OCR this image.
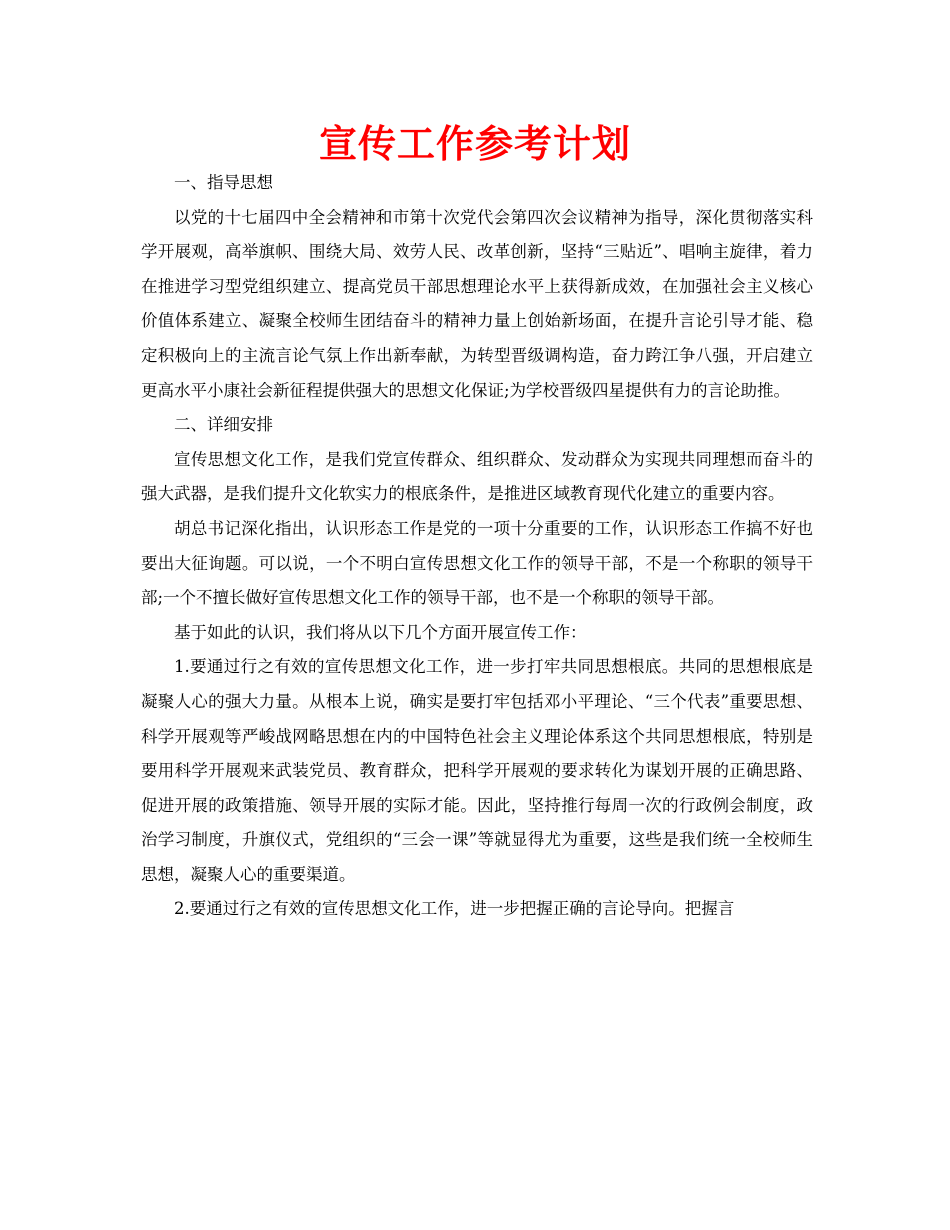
宣传工作参考计划

一、指导思想

以党的十七届四中全会精神和市第十次党代会第四次会议精神为指导，深化贯彻落实科学开展观，高举旗帜、围绕大局、效劳人民、改革创新，坚持“三贴近”、唱响主旋律，着力在推进学习型党组织建立、提高党员干部思想理论水平上获得新成效，在加强社会主义核心价值体系建立、凝聚全校师生团结奋斗的精神力量上创始新场面，在提升言论引导才能、稳定积极向上的主流言论气氛上作出新奉献，为转型晋级调构造，奋力跨江争八强，开启建立更高水平小康社会新征程提供强大的思想文化保证;为学校晋级四星提供有力的言论助推。

二、详细安排

宣传思想文化工作，是我们党宣传群众、组织群众、发动群众为实现共同理想而奋斗的强大武器，是我们提升文化软实力的根底条件，是推进区域教育现代化建立的重要内容。

胡总书记深化指出，认识形态工作是党的一项十分重要的工作，认识形态工作搞不好也要出大征询题。可以说，一个不明白宣传思想文化工作的领导干部，不是一个称职的领导干部;一个不擅长做好宣传思想文化工作的领导干部，也不是一个称职的领导干部。

基于如此的认识，我们将从以下几个方面开展宣传工作：

1.要通过行之有效的宣传思想文化工作，进一步打牢共同思想根底。共同的思想根底是凝聚人心的强大力量。从根本上说，确实是要打牢包括邓小平理论、“三个代表”重要思想、科学开展观等严峻战网略思想在内的中国特色社会主义理论体系这个共同思想根底，特别是要用科学开展观来武装党员、教育群众，把科学开展观的要求转化为谋划开展的正确思路、促进开展的政策措施、领导开展的实际才能。因此，坚持推行每周一次的行政例会制度，政治学习制度，升旗仪式，党组织的“三会一课”等就显得尤为重要，这些是我们统一全校师生思想，凝聚人心的重要渠道。

2.要通过行之有效的宣传思想文化工作，进一步把握正确的言论导向。把握言
